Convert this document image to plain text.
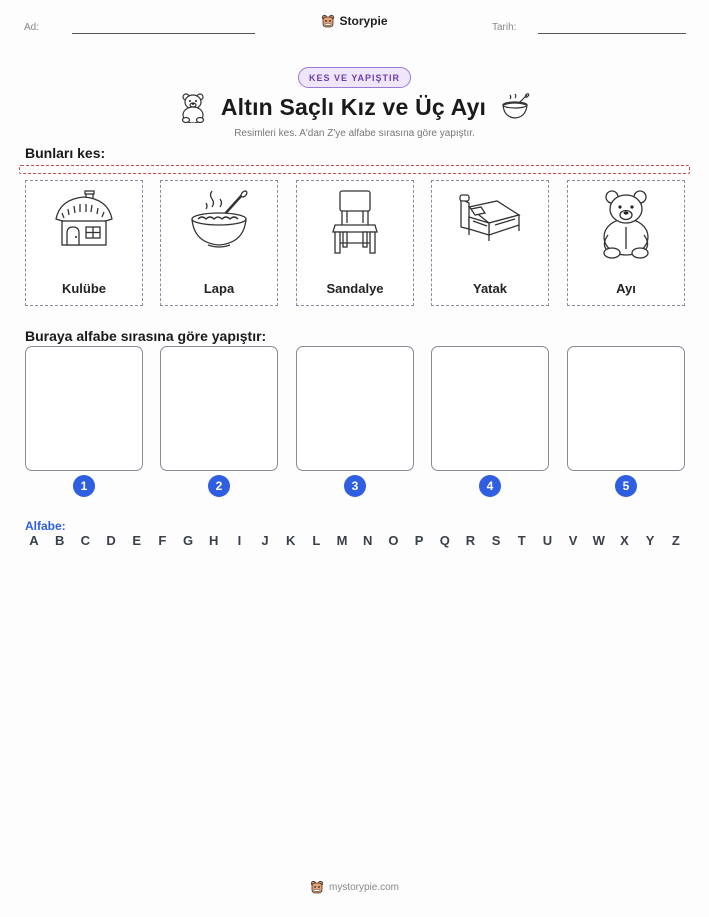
Ad:	Storypie	Tarih:
KES VE YAPIŞTIR
Altın Saçlı Kız ve Üç Ayı
Resimleri kes. A'dan Z'ye alfabe sırasına göre yapıştır.
Bunları kes:
Kulübe	Lapa	Sandalye	Yatak	Ayı
Buraya alfabe sırasına göre yapıştır:
1	2	3	4	5
Alfabe:
A B C D E	F	G H	I	J	K	L	M N O P Q R S	T	U V W X Y	Z
mystorypie.com
